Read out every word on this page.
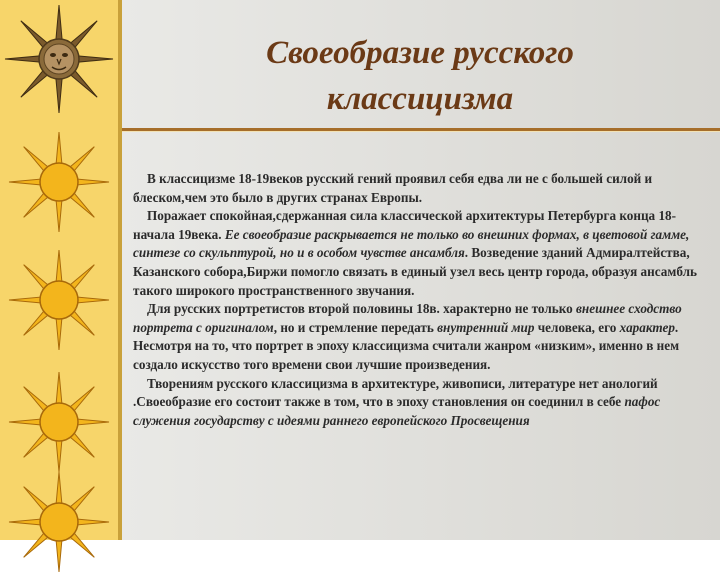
Своеобразие русского
классицизма

В классицизме 18-19веков русский гений проявил себя едва ли не с большей силой и блеском,чем это было в других странах Европы.

Поражает спокойная,сдержанная сила классической архитектуры Петербурга конца 18-начала 19века. Ее своеобразие раскрывается не только во внешних формах, в цветовой гамме, синтезе со скульптурой, но и в особом чувстве ансамбля. Возведение зданий Адмиралтейства, Казанского собора,Биржи помогло связать в единый узел весь центр города, образуя ансамбль такого широкого пространственного звучания.

Для русских портретистов второй половины 18в. характерно не только внешнее сходство портрета с оригиналом, но и стремление передать внутренний мир человека, его характер. Несмотря на то, что портрет в эпоху классицизма считали жанром «низким», именно в нем создало искусство того времени свои лучшие произведения.

Творениям русского классицизма в архитектуре, живописи, литературе нет анологий .Своеобразие его состоит также в том, что в эпоху становления он соединил в себе пафос служения государству с идеями раннего европейского Просвещения
